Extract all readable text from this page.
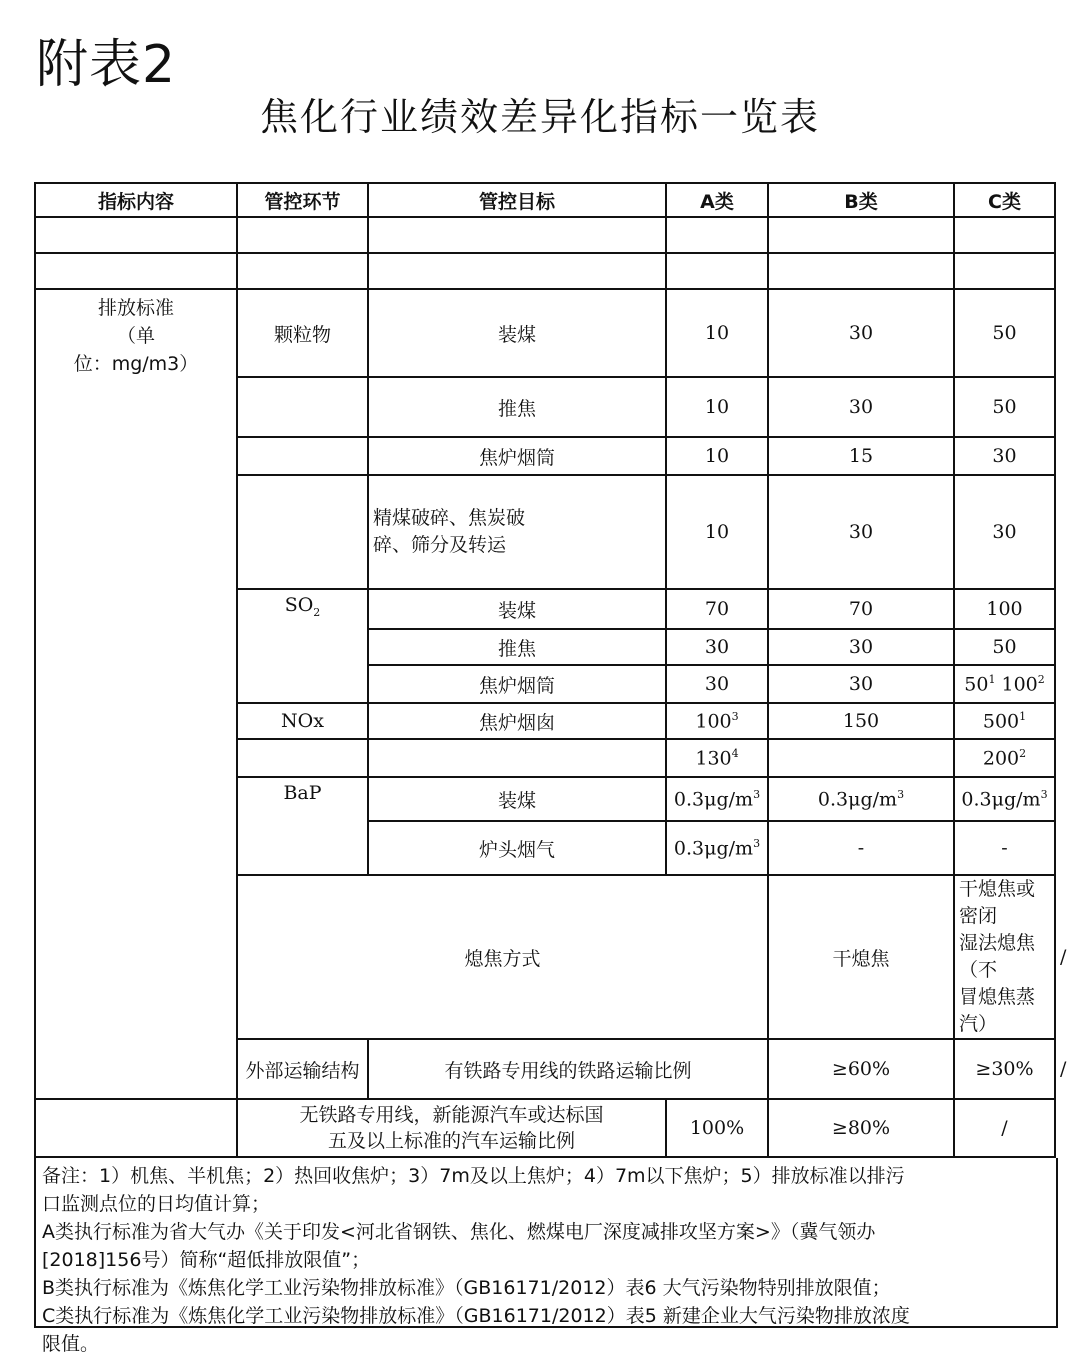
附表2
焦化行业绩效差异化指标一览表
指标内容	管控环节	管控目标	A类	B类	C类	

排放标准
（单
位：mg/m3）	颗粒物	装煤	10	30	50	
		推焦	10	30	50	
		焦炉烟筒	10	15	30	

		精煤破碎、焦炭破
碎、筛分及转运	10	30	30	
	$SO_2$	装煤	70	70	100	
		推焦	30	30	50	
		焦炉烟筒	30	30	$50^1$ $100^2$
	NOx	焦炉烟囱	$100^3$	150	$500^1$
			$130^4$		$200^2$
	BaP	装煤	$0.3\mu g/m^3$	$0.3\mu g/m^3$	$0.3\mu g/m^3$
		炉头烟气	$0.3\mu g/m^3$	-	-	
	熄焦方式			干熄焦	干熄焦或密闭
湿法熄焦（不
冒熄焦蒸汽）	/
	外部运输结构	有铁路专用线的铁路运输比例		≥60%	≥30%	/

	无铁路专用线，新能源汽车或达标国
五及以上标准的汽车运输比例		100%	≥80%	/	
备注：1）机焦、半机焦；2）热回收焦炉；3）7m及以上焦炉；4）7m以下焦炉；5）排放标准以排污
口监测点位的日均值计算；
A类执行标准为省大气办《关于印发<河北省钢铁、焦化、燃煤电厂深度减排攻坚方案>》（冀气领办
[2018]156号）简称“超低排放限值”；
B类执行标准为《炼焦化学工业污染物排放标准》（GB16171/2012）表6 大气污染物特别排放限值；
C类执行标准为《炼焦化学工业污染物排放标准》（GB16171/2012）表5 新建企业大气污染物排放浓度
限值。
